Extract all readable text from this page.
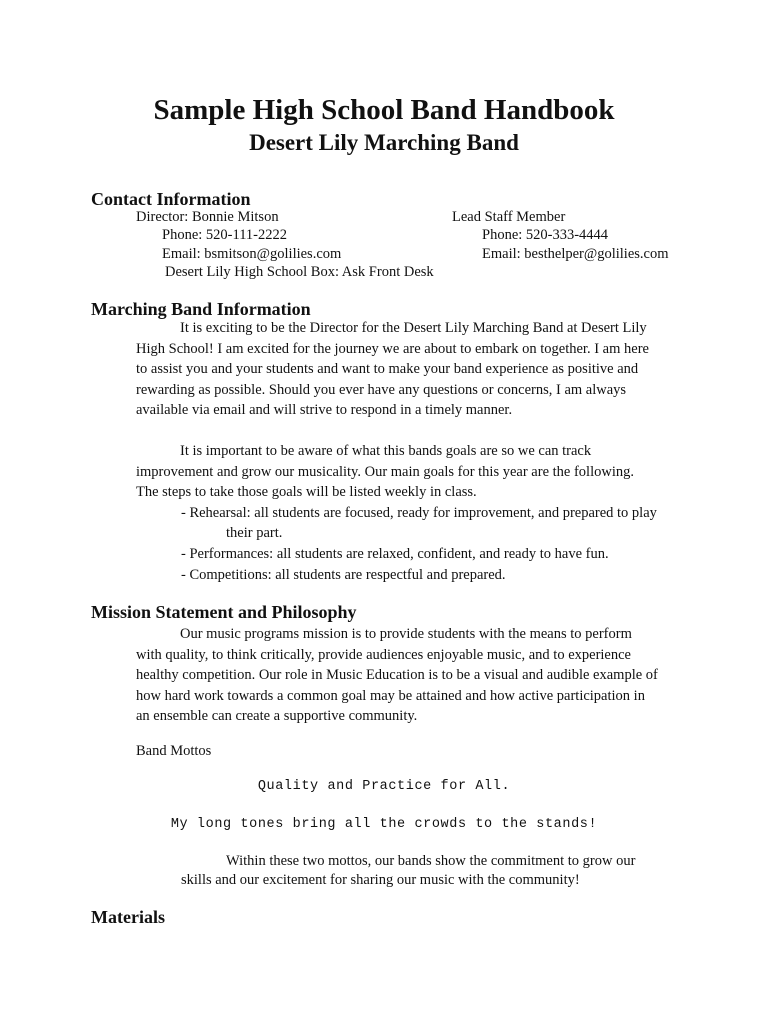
Sample High School Band Handbook
Desert Lily Marching Band
Contact Information
Director: Bonnie Mitson
Phone: 520-111-2222
Email: bsmitson@golilies.com
Desert Lily High School Box: Ask Front Desk
Lead Staff Member
Phone: 520-333-4444
Email: besthelper@golilies.com
Marching Band Information
It is exciting to be the Director for the Desert Lily Marching Band at Desert Lily
High School! I am excited for the journey we are about to embark on together. I am here
to assist you and your students and want to make your band experience as positive and
rewarding as possible. Should you ever have any questions or concerns, I am always
available via email and will strive to respond in a timely manner.
It is important to be aware of what this bands goals are so we can track
improvement and grow our musicality. Our main goals for this year are the following.
The steps to take those goals will be listed weekly in class.
- Rehearsal: all students are focused, ready for improvement, and prepared to play
their part.
- Performances: all students are relaxed, confident, and ready to have fun.
- Competitions: all students are respectful and prepared.
Mission Statement and Philosophy
Our music programs mission is to provide students with the means to perform
with quality, to think critically, provide audiences enjoyable music, and to experience
healthy competition. Our role in Music Education is to be a visual and audible example of
how hard work towards a common goal may be attained and how active participation in
an ensemble can create a supportive community.
Band Mottos
Quality and Practice for All.
My long tones bring all the crowds to the stands!
Within these two mottos, our bands show the commitment to grow our
skills and our excitement for sharing our music with the community!
Materials
